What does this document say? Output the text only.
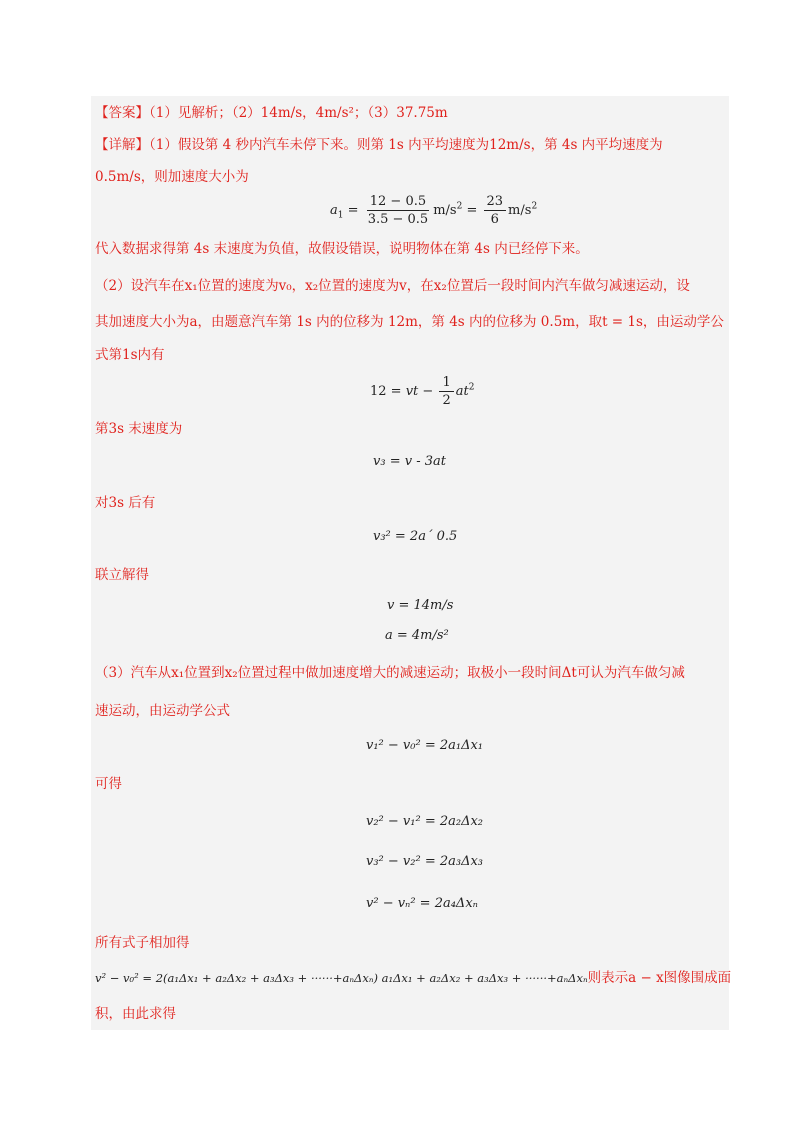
【答案】（1）见解析；（2）14m/s，4m/s²；（3）37.75m
【详解】（1）假设第 4 秒内汽车未停下来。则第 1s 内平均速度为12m/s，第 4s 内平均速度为
0.5m/s，则加速度大小为
$a_1 = \frac{12 - 0.5}{3.5 - 0.5} m/s^2 = \frac{23}{6} m/s^2$
代入数据求得第 4s 末速度为负值，故假设错误，说明物体在第 4s 内已经停下来。
（2）设汽车在x₁位置的速度为v₀，x₂位置的速度为v，在x₂位置后一段时间内汽车做匀减速运动，设
其加速度大小为a，由题意汽车第 1s 内的位移为 12m，第 4s 内的位移为 0.5m，取t = 1s，由运动学公
式第1s内有
12 = vt − $\frac{1}{2} at^2$
第3s 末速度为
v₃ = v - 3at
对3s 后有
v₃² = 2a´ 0.5
联立解得
v = 14m/s
a = 4m/s²
（3）汽车从x₁位置到x₂位置过程中做加速度增大的减速运动；取极小一段时间Δt可认为汽车做匀减
速运动，由运动学公式
v₁² − v₀² = 2a₁Δx₁
可得
v₂² − v₁² = 2a₂Δx₂
v₃² − v₂² = 2a₃Δx₃
v² − vₙ² = 2a₄Δxₙ
所有式子相加得
v² − v₀² = 2(a₁Δx₁ + a₂Δx₂ + a₃Δx₃ + ······+aₙΔxₙ) a₁Δx₁ + a₂Δx₂ + a₃Δx₃ + ······+aₙΔxₙ则表示a − x图像围成面
积，由此求得
